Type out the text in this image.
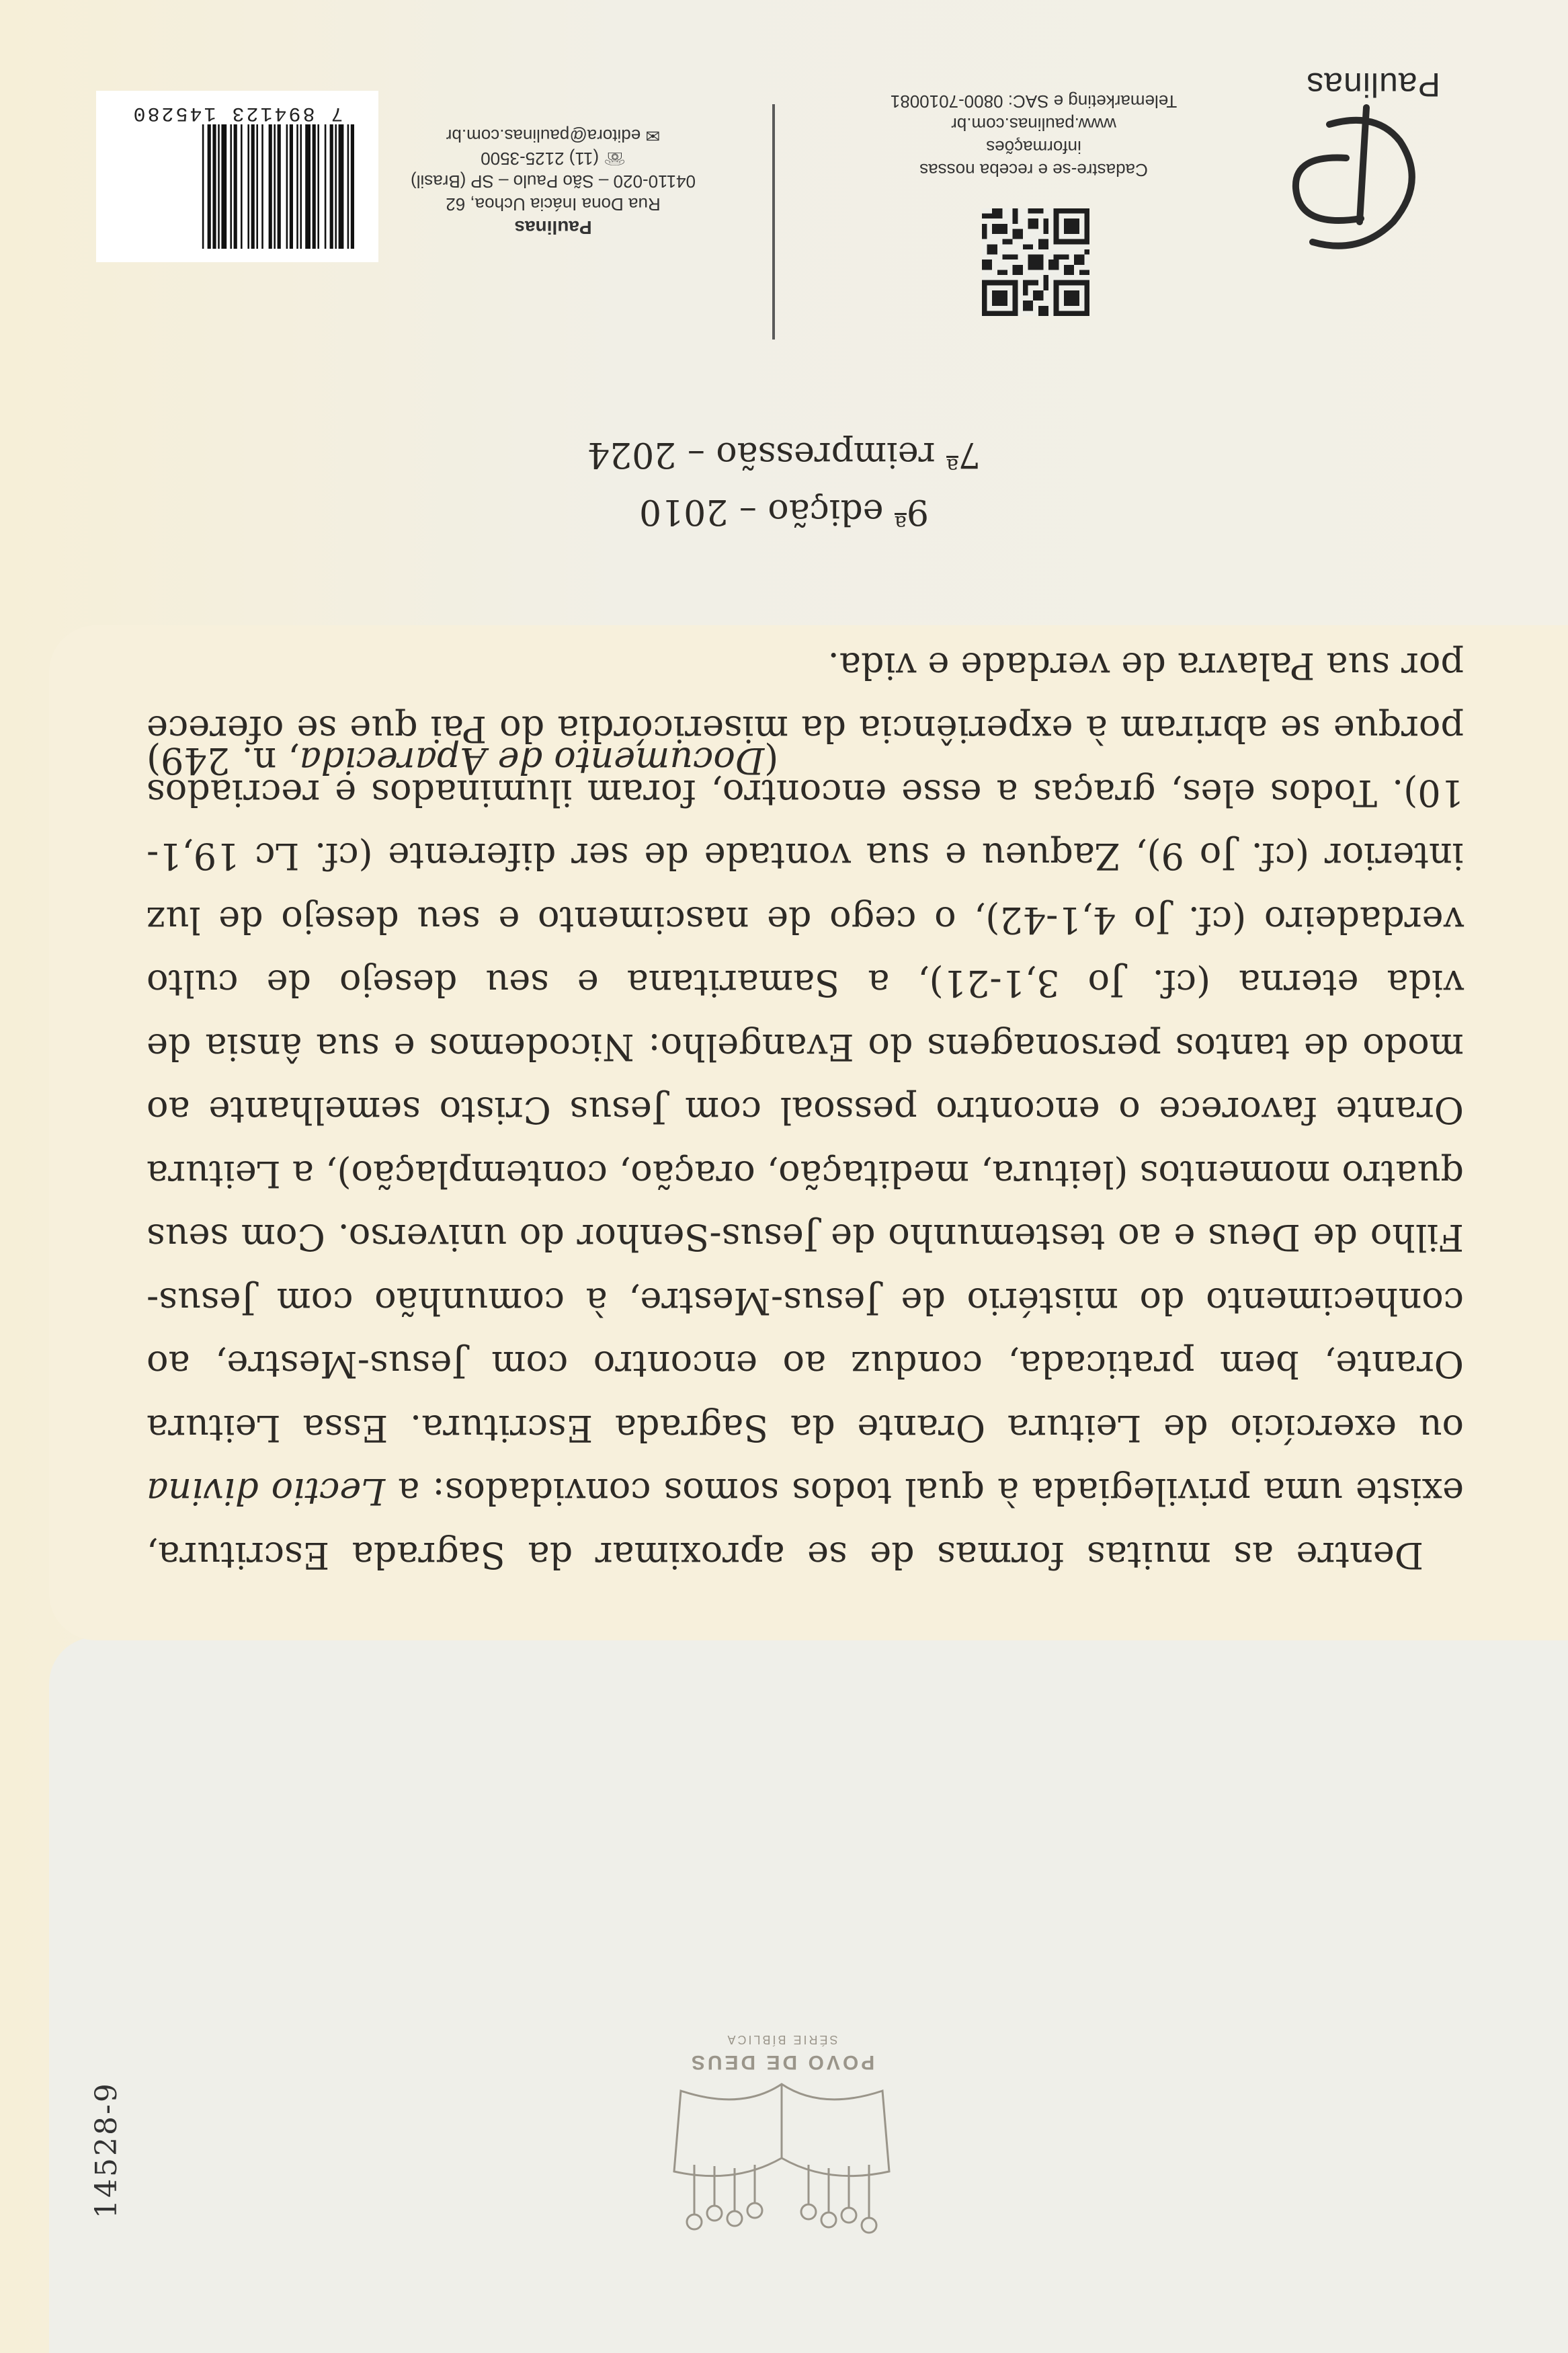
POVO DE DEUS
SÉRIE BÍBLICA
14528-9

Dentre as muitas formas de se aproximar da Sagrada Escritura, existe uma privilegiada à qual todos somos convidados: a Lectio divina ou exercício de Leitura Orante da Sagrada Escritura. Essa Leitura Orante, bem praticada, conduz ao encontro com Jesus-Mestre, ao conhecimento do mistério de Jesus-Mestre, à comunhão com Jesus-Filho de Deus e ao testemunho de Jesus-Senhor do universo. Com seus quatro momentos (leitura, meditação, oração, contemplação), a Leitura Orante favorece o encontro pessoal com Jesus Cristo semelhante ao modo de tantos personagens do Evangelho: Nicodemos e sua ânsia de vida eterna (cf. Jo 3,1-21), a Samaritana e seu desejo de culto verdadeiro (cf. Jo 4,1-42), o cego de nascimento e seu desejo de luz interior (cf. Jo 9), Zaqueu e sua vontade de ser diferente (cf. Lc 19,1-10). Todos eles, graças a esse encontro, foram iluminados e recriados porque se abriram à experiência da misericórdia do Pai que se oferece por sua Palavra de verdade e vida.

(Documento de Aparecida, n. 249)
9$^a$ edição – 2010
7$^a$ reimpressão – 2024
Paulinas
Cadastre-se e receba nossas informações
www.paulinas.com.br
Telemarketing e SAC: 0800-7010081
Paulinas
Rua Dona Inácia Uchoa, 62
04110-020 – São Paulo – SP (Brasil)
☏ (11) 2125-3500
✉ editora@paulinas.com.br
7 894123 145280
